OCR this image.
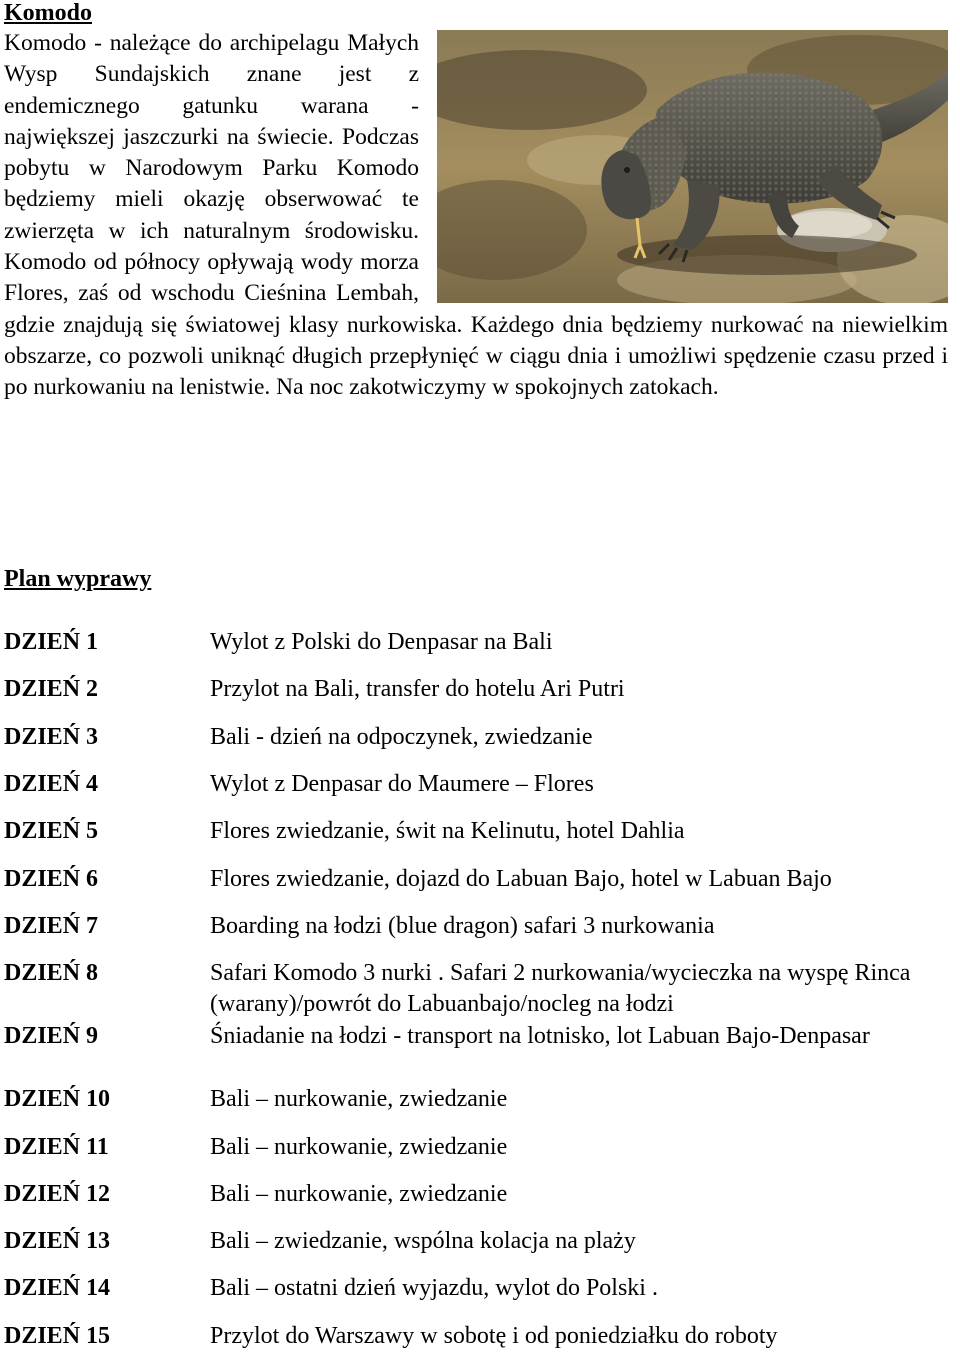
Komodo

Komodo - należące do archipelagu Małych Wysp Sundajskich znane jest z endemicznego gatunku warana - największej jaszczurki na świecie. Podczas pobytu w Narodowym Parku Komodo będziemy mieli okazję obserwować te zwierzęta w ich naturalnym środowisku. Komodo od północy opływają wody morza Flores, zaś od wschodu Cieśnina Lembah, gdzie znajdują się światowej klasy nurkowiska. Każdego dnia będziemy nurkować na niewielkim obszarze, co pozwoli uniknąć długich przepłynięć w ciągu dnia i umożliwi spędzenie czasu przed i po nurkowaniu na lenistwie. Na noc zakotwiczymy w spokojnych zatokach.

Plan wyprawy
DZIEŃ 1	Wylot z Polski do Denpasar na Bali
DZIEŃ 2	Przylot na Bali, transfer do hotelu Ari Putri
DZIEŃ 3	Bali - dzień na odpoczynek, zwiedzanie
DZIEŃ 4	Wylot z Denpasar do Maumere – Flores
DZIEŃ 5	Flores zwiedzanie, świt na Kelinutu, hotel Dahlia
DZIEŃ 6	Flores zwiedzanie, dojazd do Labuan Bajo, hotel w Labuan Bajo
DZIEŃ 7	Boarding na łodzi (blue dragon) safari 3 nurkowania
DZIEŃ 8	Safari Komodo 3 nurki . Safari 2 nurkowania/wycieczka na wyspę Rinca (warany)/powrót do Labuanbajo/nocleg na łodzi
DZIEŃ 9	Śniadanie na łodzi - transport na lotnisko, lot Labuan Bajo-Denpasar
DZIEŃ 10	Bali – nurkowanie, zwiedzanie
DZIEŃ 11	Bali – nurkowanie, zwiedzanie
DZIEŃ 12	Bali – nurkowanie, zwiedzanie
DZIEŃ 13	Bali – zwiedzanie, wspólna kolacja na plaży
DZIEŃ 14	Bali – ostatni dzień wyjazdu, wylot do Polski .
DZIEŃ 15	Przylot do Warszawy w sobotę i od poniedziałku do roboty
